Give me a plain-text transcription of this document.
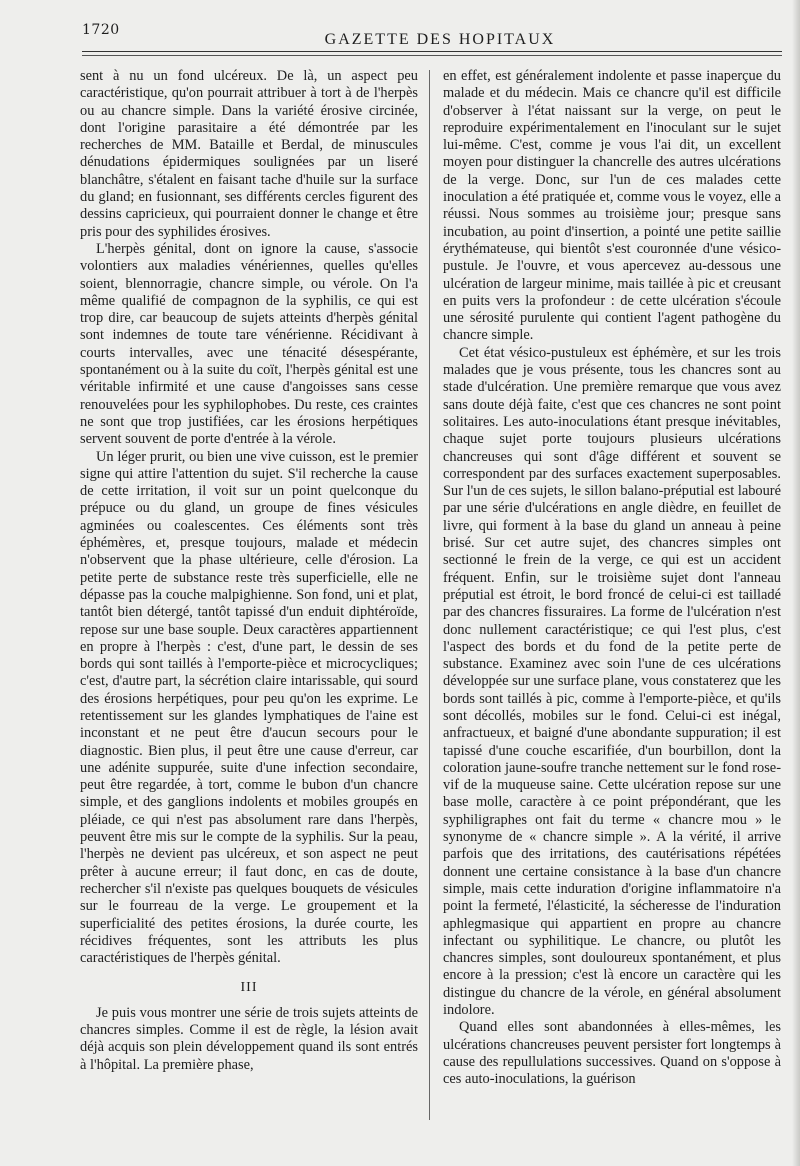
1720
GAZETTE DES HOPITAUX

sent à nu un fond ulcéreux. De là, un aspect peu caractéristique, qu'on pourrait attribuer à tort à de l'herpès ou au chancre simple. Dans la variété érosive circinée, dont l'origine parasitaire a été démontrée par les recherches de MM. Bataille et Berdal, de minuscules dénudations épidermiques soulignées par un liseré blanchâtre, s'étalent en faisant tache d'huile sur la surface du gland; en fusionnant, ses différents cercles figurent des dessins capricieux, qui pourraient donner le change et être pris pour des syphilides érosives.

L'herpès génital, dont on ignore la cause, s'associe volontiers aux maladies vénériennes, quelles qu'elles soient, blennorragie, chancre simple, ou vérole. On l'a même qualifié de compagnon de la syphilis, ce qui est trop dire, car beaucoup de sujets atteints d'herpès génital sont indemnes de toute tare vénérienne. Récidivant à courts intervalles, avec une ténacité désespérante, spontanément ou à la suite du coït, l'herpès génital est une véritable infirmité et une cause d'angoisses sans cesse renouvelées pour les syphilophobes. Du reste, ces craintes ne sont que trop justifiées, car les érosions herpétiques servent souvent de porte d'entrée à la vérole.

Un léger prurit, ou bien une vive cuisson, est le premier signe qui attire l'attention du sujet. S'il recherche la cause de cette irritation, il voit sur un point quelconque du prépuce ou du gland, un groupe de fines vésicules agminées ou coalescentes. Ces éléments sont très éphémères, et, presque toujours, malade et médecin n'observent que la phase ultérieure, celle d'érosion. La petite perte de substance reste très superficielle, elle ne dépasse pas la couche malpighienne. Son fond, uni et plat, tantôt bien détergé, tantôt tapissé d'un enduit diphtéroïde, repose sur une base souple. Deux caractères appartiennent en propre à l'herpès : c'est, d'une part, le dessin de ses bords qui sont taillés à l'emporte-pièce et microcycliques; c'est, d'autre part, la sécrétion claire intarissable, qui sourd des érosions herpétiques, pour peu qu'on les exprime. Le retentissement sur les glandes lymphatiques de l'aine est inconstant et ne peut être d'aucun secours pour le diagnostic. Bien plus, il peut être une cause d'erreur, car une adénite suppurée, suite d'une infection secondaire, peut être regardée, à tort, comme le bubon d'un chancre simple, et des ganglions indolents et mobiles groupés en pléiade, ce qui n'est pas absolument rare dans l'herpès, peuvent être mis sur le compte de la syphilis. Sur la peau, l'herpès ne devient pas ulcéreux, et son aspect ne peut prêter à aucune erreur; il faut donc, en cas de doute, rechercher s'il n'existe pas quelques bouquets de vésicules sur le fourreau de la verge. Le groupement et la superficialité des petites érosions, la durée courte, les récidives fréquentes, sont les attributs les plus caractéristiques de l'herpès génital.

III

Je puis vous montrer une série de trois sujets atteints de chancres simples. Comme il est de règle, la lésion avait déjà acquis son plein développement quand ils sont entrés à l'hôpital. La première phase,

en effet, est généralement indolente et passe inaperçue du malade et du médecin. Mais ce chancre qu'il est difficile d'observer à l'état naissant sur la verge, on peut le reproduire expérimentalement en l'inoculant sur le sujet lui-même. C'est, comme je vous l'ai dit, un excellent moyen pour distinguer la chancrelle des autres ulcérations de la verge. Donc, sur l'un de ces malades cette inoculation a été pratiquée et, comme vous le voyez, elle a réussi. Nous sommes au troisième jour; presque sans incubation, au point d'insertion, a pointé une petite saillie érythémateuse, qui bientôt s'est couronnée d'une vésico-pustule. Je l'ouvre, et vous apercevez au-dessous une ulcération de largeur minime, mais taillée à pic et creusant en puits vers la profondeur : de cette ulcération s'écoule une sérosité purulente qui contient l'agent pathogène du chancre simple.

Cet état vésico-pustuleux est éphémère, et sur les trois malades que je vous présente, tous les chancres sont au stade d'ulcération. Une première remarque que vous avez sans doute déjà faite, c'est que ces chancres ne sont point solitaires. Les auto-inoculations étant presque inévitables, chaque sujet porte toujours plusieurs ulcérations chancreuses qui sont d'âge différent et souvent se correspondent par des surfaces exactement superposables. Sur l'un de ces sujets, le sillon balano-préputial est labouré par une série d'ulcérations en angle dièdre, en feuillet de livre, qui forment à la base du gland un anneau à peine brisé. Sur cet autre sujet, des chancres simples ont sectionné le frein de la verge, ce qui est un accident fréquent. Enfin, sur le troisième sujet dont l'anneau préputial est étroit, le bord froncé de celui-ci est tailladé par des chancres fissuraires. La forme de l'ulcération n'est donc nullement caractéristique; ce qui l'est plus, c'est l'aspect des bords et du fond de la petite perte de substance. Examinez avec soin l'une de ces ulcérations développée sur une surface plane, vous constaterez que les bords sont taillés à pic, comme à l'emporte-pièce, et qu'ils sont décollés, mobiles sur le fond. Celui-ci est inégal, anfractueux, et baigné d'une abondante suppuration; il est tapissé d'une couche escarifiée, d'un bourbillon, dont la coloration jaune-soufre tranche nettement sur le fond rose-vif de la muqueuse saine. Cette ulcération repose sur une base molle, caractère à ce point prépondérant, que les syphiligraphes ont fait du terme « chancre mou » le synonyme de « chancre simple ». A la vérité, il arrive parfois que des irritations, des cautérisations répétées donnent une certaine consistance à la base d'un chancre simple, mais cette induration d'origine inflammatoire n'a point la fermeté, l'élasticité, la sécheresse de l'induration aphlegmasique qui appartient en propre au chancre infectant ou syphilitique. Le chancre, ou plutôt les chancres simples, sont douloureux spontanément, et plus encore à la pression; c'est là encore un caractère qui les distingue du chancre de la vérole, en général absolument indolore.

Quand elles sont abandonnées à elles-mêmes, les ulcérations chancreuses peuvent persister fort longtemps à cause des repullulations successives. Quand on s'oppose à ces auto-inoculations, la guérison
